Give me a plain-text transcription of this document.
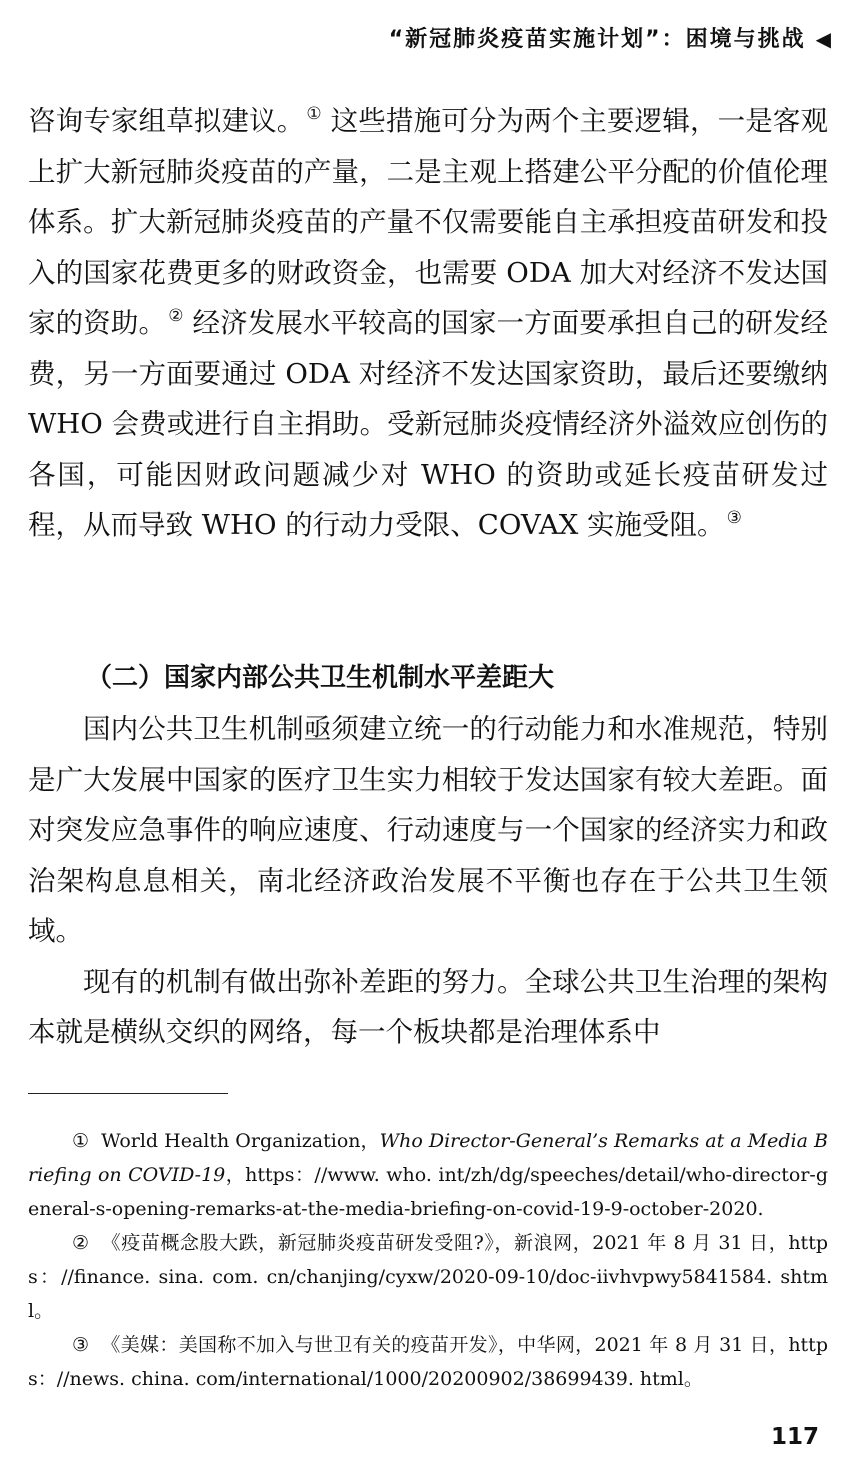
“新冠肺炎疫苗实施计划”：困境与挑战 ◀

咨询专家组草拟建议。 ① 这些措施可分为两个主要逻辑，一是客观上扩大新冠肺炎疫苗的产量，二是主观上搭建公平分配的价值伦理体系。扩大新冠肺炎疫苗的产量不仅需要能自主承担疫苗研发和投入的国家花费更多的财政资金，也需要 ODA 加大对经济不发达国家的资助。 ② 经济发展水平较高的国家一方面要承担自己的研发经费，另一方面要通过 ODA 对经济不发达国家资助，最后还要缴纳 WHO 会费或进行自主捐助。受新冠肺炎疫情经济外溢效应创伤的各国，可能因财政问题减少对 WHO 的资助或延长疫苗研发过程，从而导致 WHO 的行动力受限、COVAX 实施受阻。 ③

（二）国家内部公共卫生机制水平差距大

国内公共卫生机制亟须建立统一的行动能力和水准规范，特别是广大发展中国家的医疗卫生实力相较于发达国家有较大差距。面对突发应急事件的响应速度、行动速度与一个国家的经济实力和政治架构息息相关，南北经济政治发展不平衡也存在于公共卫生领域。

现有的机制有做出弥补差距的努力。全球公共卫生治理的架构本就是横纵交织的网络，每一个板块都是治理体系中

① World Health Organization，Who Director-General’s Remarks at a Media Briefing on COVID-19，https：//www. who. int/zh/dg/speeches/detail/who-director-general-s-opening-remarks-at-the-media-briefing-on-covid-19-9-october-2020.

② 《疫苗概念股大跌，新冠肺炎疫苗研发受阻?》，新浪网，2021 年 8 月 31 日，https：//finance. sina. com. cn/chanjing/cyxw/2020-09-10/doc-iivhvpwy5841584. shtml。

③ 《美媒：美国称不加入与世卫有关的疫苗开发》，中华网，2021 年 8 月 31 日，https：//news. china. com/international/1000/20200902/38699439. html。

117
